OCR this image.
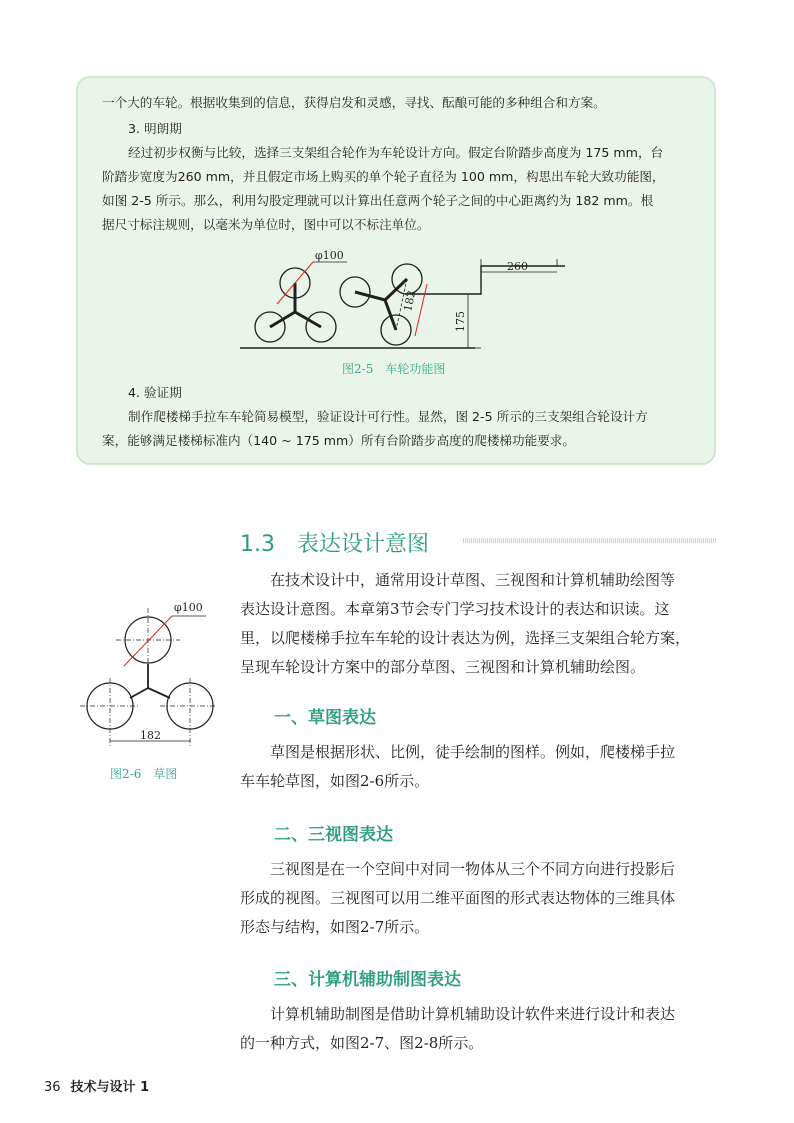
一个大的车轮。根据收集到的信息，获得启发和灵感，寻找、酝酿可能的多种组合和方案。

3. 明朗期

经过初步权衡与比较，选择三支架组合轮作为车轮设计方向。假定台阶踏步高度为 175 mm，台

阶踏步宽度为260 mm，并且假定市场上购买的单个轮子直径为 100 mm，构思出车轮大致功能图，

如图 2-5 所示。那么，利用勾股定理就可以计算出任意两个轮子之间的中心距离约为 182 mm。根

据尺寸标注规则，以毫米为单位时，图中可以不标注单位。

φ100
182
260
175
图2-5　车轮功能图

4. 验证期

制作爬楼梯手拉车车轮简易模型，验证设计可行性。显然，图 2-5 所示的三支架组合轮设计方

案，能够满足楼梯标准内（140 ~ 175 mm）所有台阶踏步高度的爬楼梯功能要求。

1.3 表达设计意图

在技术设计中，通常用设计草图、三视图和计算机辅助绘图等

表达设计意图。本章第3节会专门学习技术设计的表达和识读。这

里，以爬楼梯手拉车车轮的设计表达为例，选择三支架组合轮方案，

呈现车轮设计方案中的部分草图、三视图和计算机辅助绘图。

φ100
182
图2-6　草图
一、草图表达

草图是根据形状、比例，徒手绘制的图样。例如，爬楼梯手拉

车车轮草图，如图2-6所示。

二、三视图表达

三视图是在一个空间中对同一物体从三个不同方向进行投影后

形成的视图。三视图可以用二维平面图的形式表达物体的三维具体

形态与结构，如图2-7所示。

三、计算机辅助制图表达

计算机辅助制图是借助计算机辅助设计软件来进行设计和表达

的一种方式，如图2-7、图2-8所示。

36 技术与设计 1
